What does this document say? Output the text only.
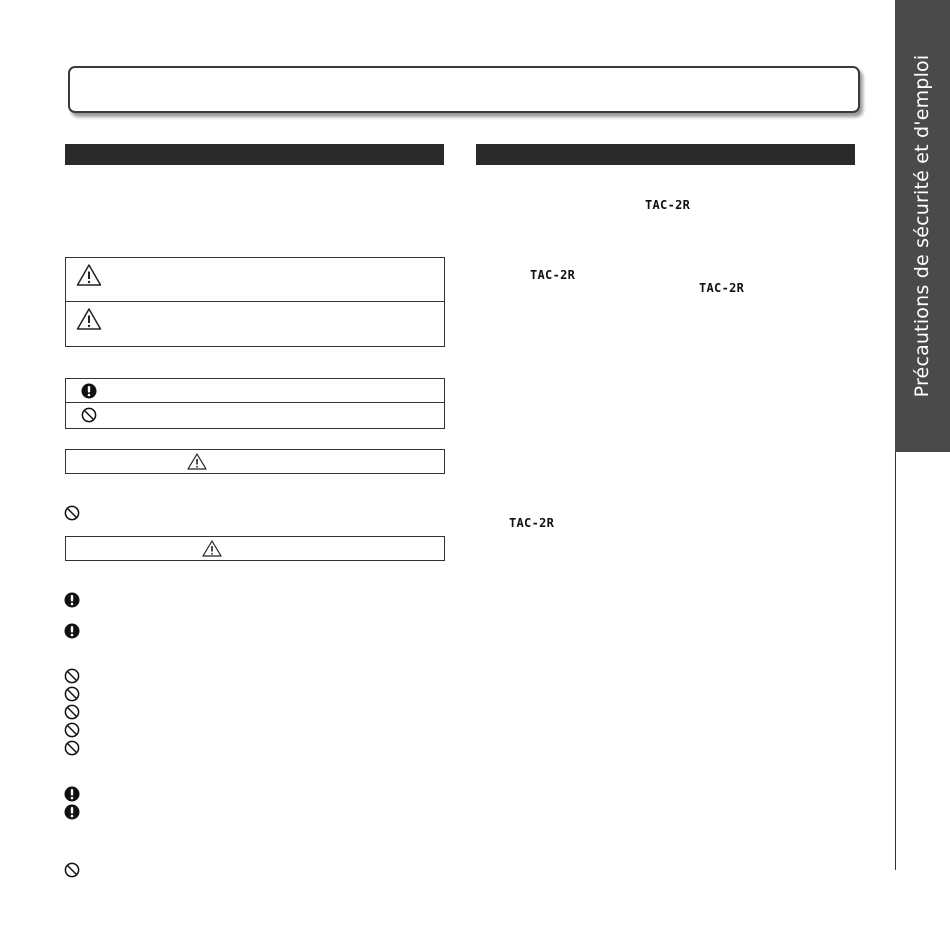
Précautions de sécurité et d'emploi
TAC-2R
TAC-2R
TAC-2R
TAC-2R
